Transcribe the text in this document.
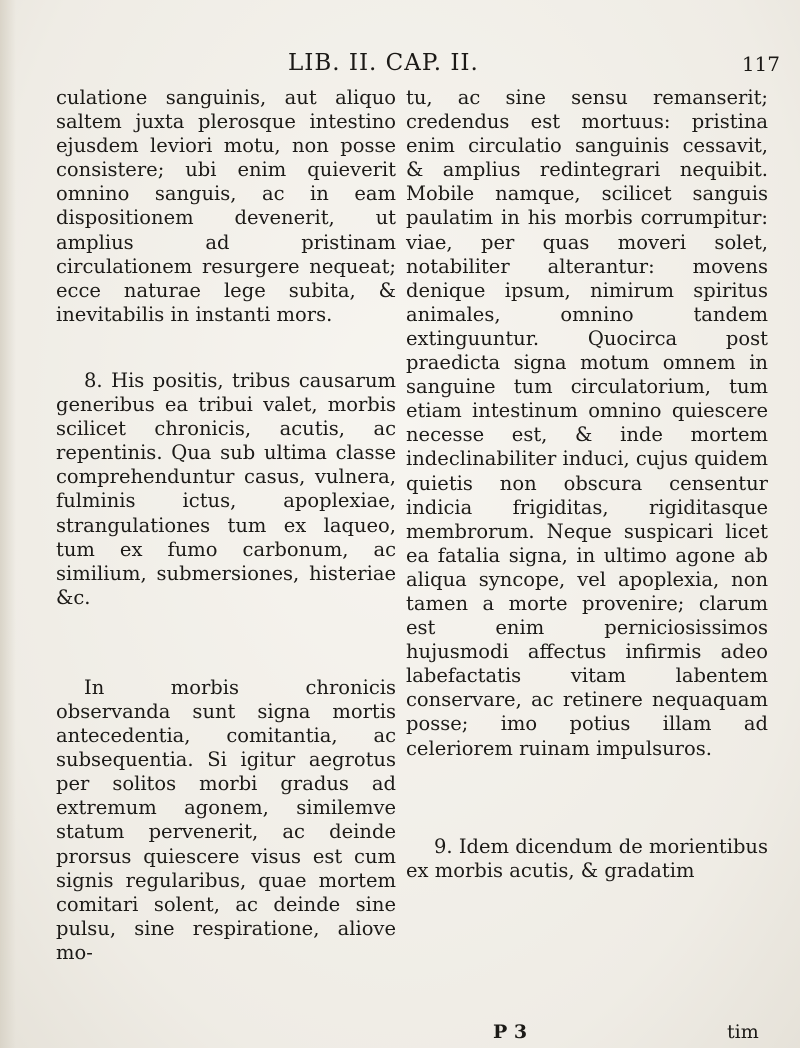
LIB. II. CAP. II.	117

culatione sanguinis, aut aliquo saltem juxta plerosque intestino ejusdem leviori motu, non posse consistere; ubi enim quieverit omnino sanguis, ac in eam dispositionem devenerit, ut amplius ad pristinam circulationem resurgere nequeat; ecce naturae lege subita, & inevitabilis in instanti mors.

8. His positis, tribus causarum generibus ea tribui valet, morbis scilicet chronicis, acutis, ac repentinis. Qua sub ultima classe comprehenduntur casus, vulnera, fulminis ictus, apoplexiae, strangulationes tum ex laqueo, tum ex fumo carbonum, ac similium, submersiones, histeriae &c.

In morbis chronicis observanda sunt signa mortis antecedentia, comitantia, ac subsequentia. Si igitur aegrotus per solitos morbi gradus ad extremum agonem, similemve statum pervenerit, ac deinde prorsus quiescere visus est cum signis regularibus, quae mortem comitari solent, ac deinde sine pulsu, sine respiratione, aliove mo-

tu, ac sine sensu remanserit; credendus est mortuus: pristina enim circulatio sanguinis cessavit, & amplius redintegrari nequibit. Mobile namque, scilicet sanguis paulatim in his morbis corrumpitur: viae, per quas moveri solet, notabiliter alterantur: movens denique ipsum, nimirum spiritus animales, omnino tandem extinguuntur. Quocirca post praedicta signa motum omnem in sanguine tum circulatorium, tum etiam intestinum omnino quiescere necesse est, & inde mortem indeclinabiliter induci, cujus quidem quietis non obscura censentur indicia frigiditas, rigiditasque membrorum. Neque suspicari licet ea fatalia signa, in ultimo agone ab aliqua syncope, vel apoplexia, non tamen a morte provenire; clarum est enim perniciosissimos hujusmodi affectus infirmis adeo labefactatis vitam labentem conservare, ac retinere nequaquam posse; imo potius illam ad celeriorem ruinam impulsuros.

9. Idem dicendum de morientibus ex morbis acutis, & gradatim

P 3	tim
